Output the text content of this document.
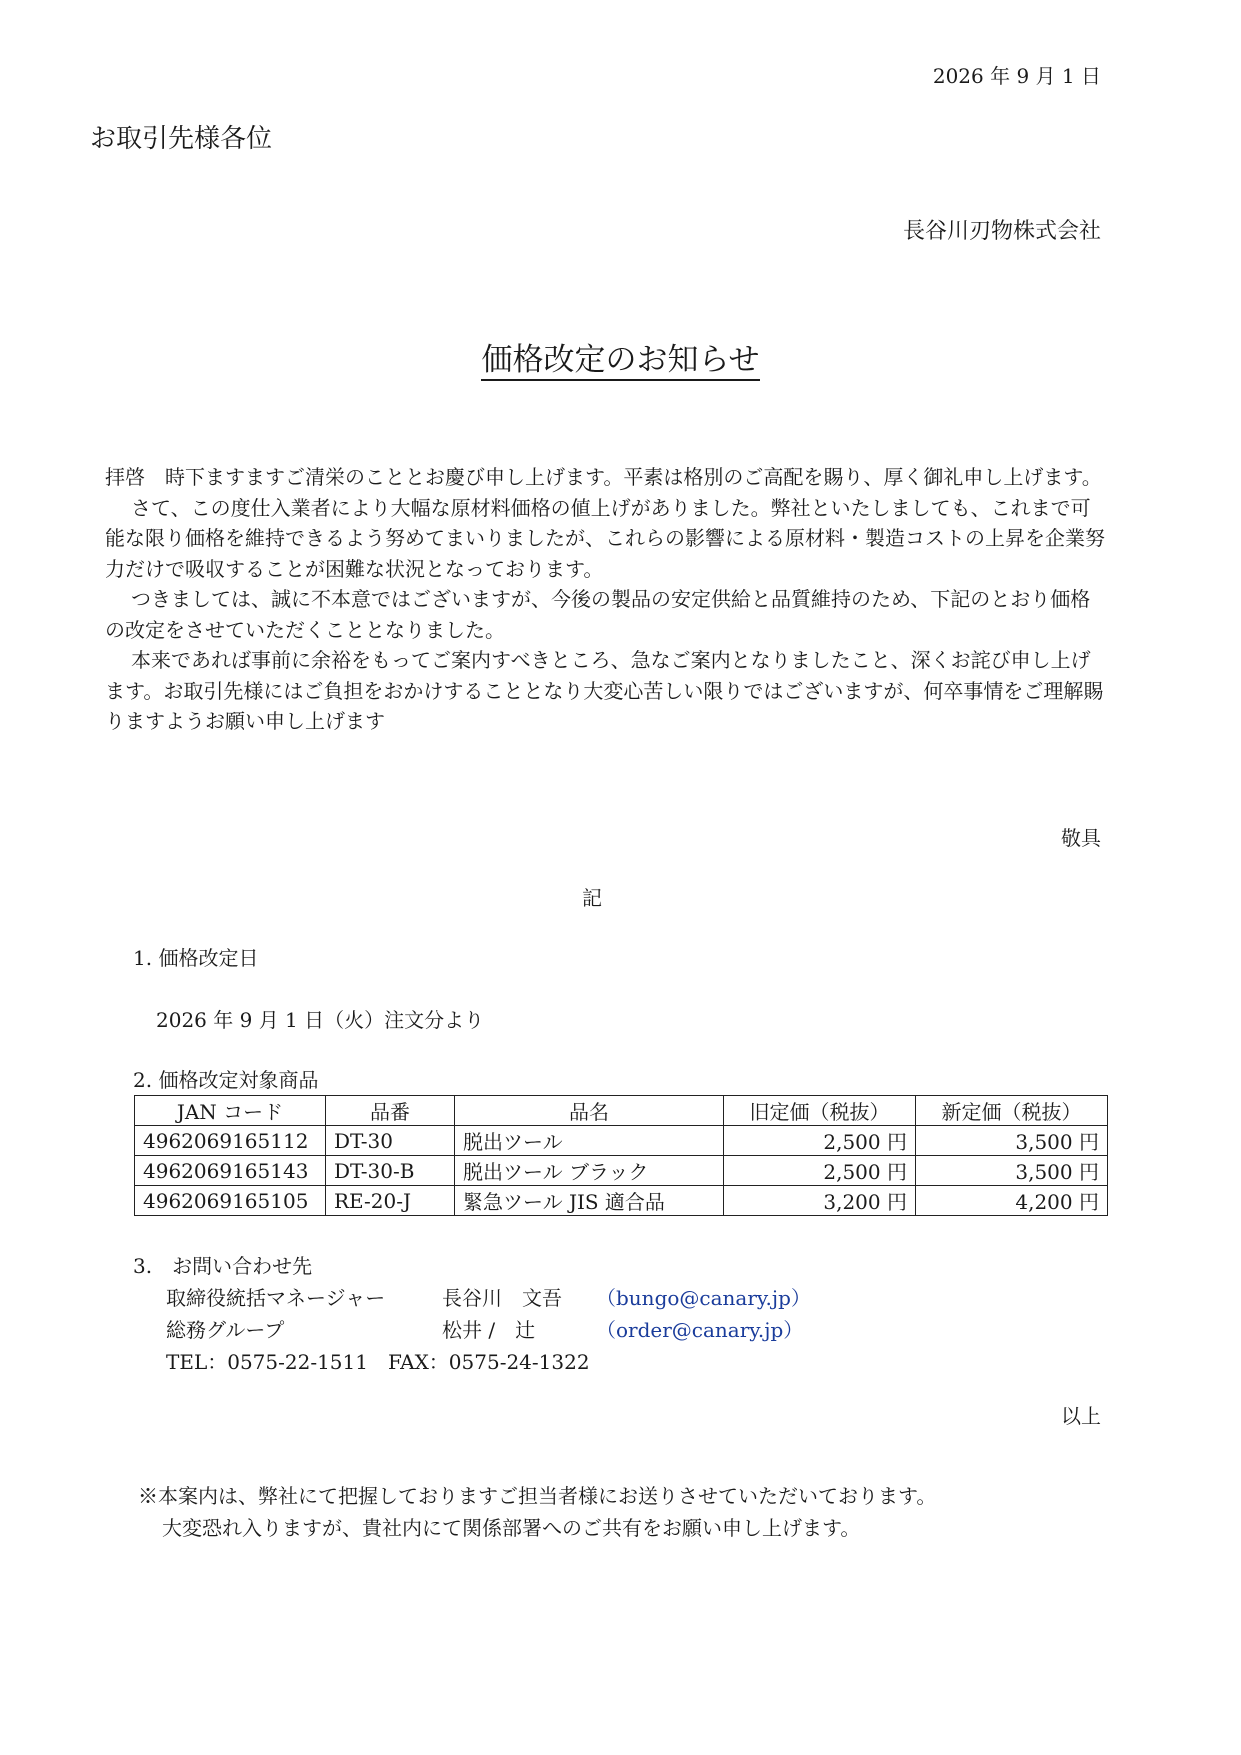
2026 年 9 月 1 日
お取引先様各位
長谷川刃物株式会社
価格改定のお知らせ

拝啓　時下ますますご清栄のこととお慶び申し上げます。平素は格別のご高配を賜り、厚く御礼申し上げます。

さて、この度仕入業者により大幅な原材料価格の値上げがありました。弊社といたしましても、これまで可能な限り価格を維持できるよう努めてまいりましたが、これらの影響による原材料・製造コストの上昇を企業努力だけで吸収することが困難な状況となっております。

つきましては、誠に不本意ではございますが、今後の製品の安定供給と品質維持のため、下記のとおり価格の改定をさせていただくこととなりました。

本来であれば事前に余裕をもってご案内すべきところ、急なご案内となりましたこと、深くお詫び申し上げます。お取引先様にはご負担をおかけすることとなり大変心苦しい限りではございますが、何卒事情をご理解賜りますようお願い申し上げます

敬具
記
1. 価格改定日
2026 年 9 月 1 日（火）注文分より
2. 価格改定対象商品
JAN コード	品番	品名	旧定価（税抜）	新定価（税抜）
4962069165112	DT-30	脱出ツール	2,500 円	3,500 円
4962069165143	DT-30-B	脱出ツール ブラック	2,500 円	3,500 円
4962069165105	RE-20-J	緊急ツール JIS 適合品	3,200 円	4,200 円
3.　お問い合わせ先
取締役統括マネージャー	長谷川　文吾 （bungo@canary.jp）
総務グループ	松井 /　辻	（order@canary.jp）
TEL：0575-22-1511　FAX：0575-24-1322
以上

※本案内は、弊社にて把握しておりますご担当者様にお送りさせていただいております。

大変恐れ入りますが、貴社内にて関係部署へのご共有をお願い申し上げます。
